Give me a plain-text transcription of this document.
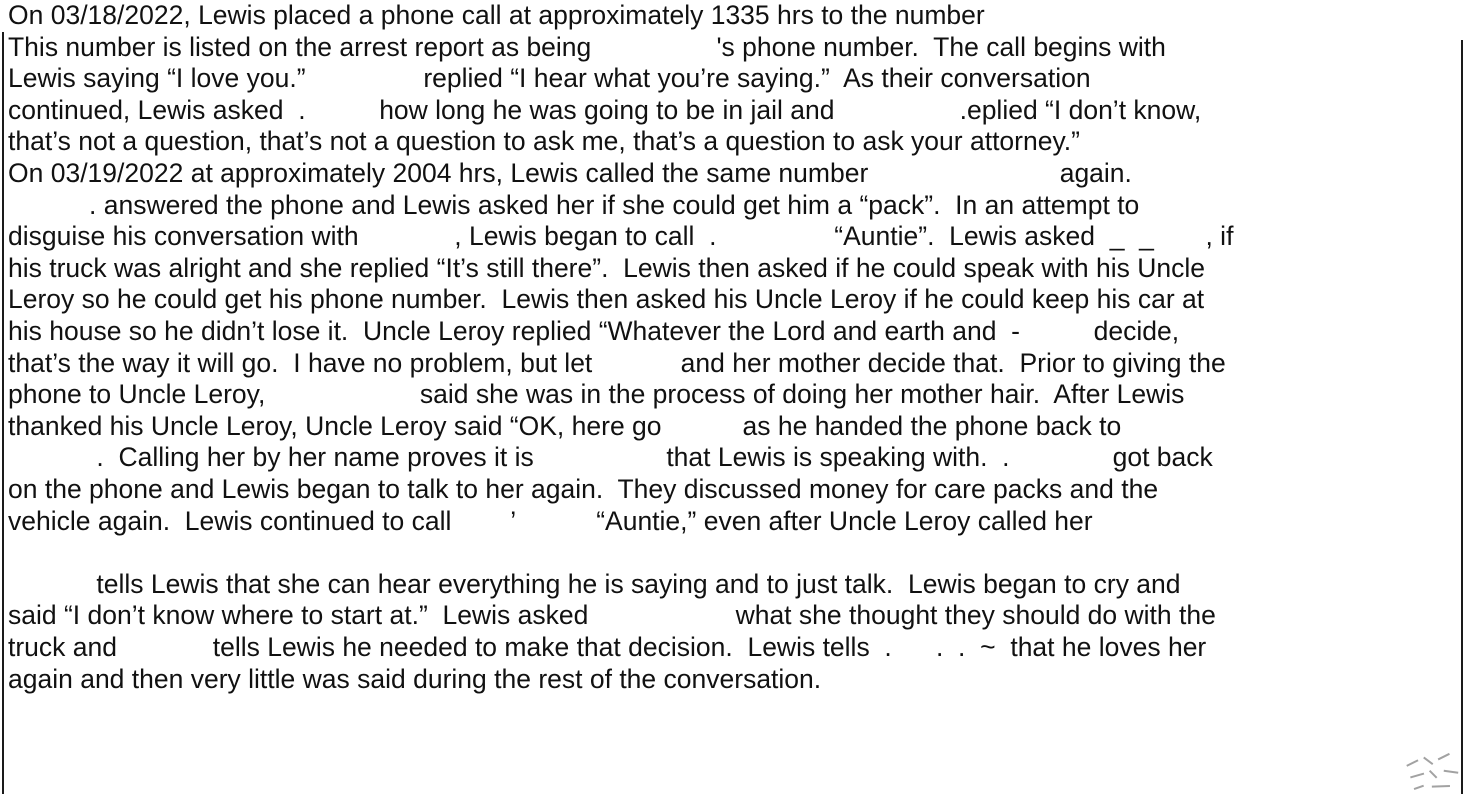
On 03/18/2022, Lewis placed a phone call at approximately 1335 hrs to the number
This number is listed on the arrest report as being                 's phone number.  The call begins with
Lewis saying “I love you.”                replied “I hear what you’re saying.”  As their conversation
continued, Lewis asked  .          how long he was going to be in jail and                 .eplied “I don’t know,
that’s not a question, that’s not a question to ask me, that’s a question to ask your attorney.”
On 03/19/2022 at approximately 2004 hrs, Lewis called the same number                          again.
. answered the phone and Lewis asked her if she could get him a “pack”.  In an attempt to
disguise his conversation with             , Lewis began to call  .                “Auntie”.  Lewis asked  _  _       , if
his truck was alright and she replied “It’s still there”.  Lewis then asked if he could speak with his Uncle
Leroy so he could get his phone number.  Lewis then asked his Uncle Leroy if he could keep his car at
his house so he didn’t lose it.  Uncle Leroy replied “Whatever the Lord and earth and  -          decide,
that’s the way it will go.  I have no problem, but let            and her mother decide that.  Prior to giving the
phone to Uncle Leroy,                     said she was in the process of doing her mother hair.  After Lewis
thanked his Uncle Leroy, Uncle Leroy said “OK, here go           as he handed the phone back to
.  Calling her by her name proves it is                  that Lewis is speaking with.  .              got back
on the phone and Lewis began to talk to her again.  They discussed money for care packs and the
vehicle again.  Lewis continued to call        ’           “Auntie,” even after Uncle Leroy called her
tells Lewis that she can hear everything he is saying and to just talk.  Lewis began to cry and
said “I don’t know where to start at.”  Lewis asked                    what she thought they should do with the
truck and             tells Lewis he needed to make that decision.  Lewis tells  .      .  .  ~  that he loves her
again and then very little was said during the rest of the conversation.
